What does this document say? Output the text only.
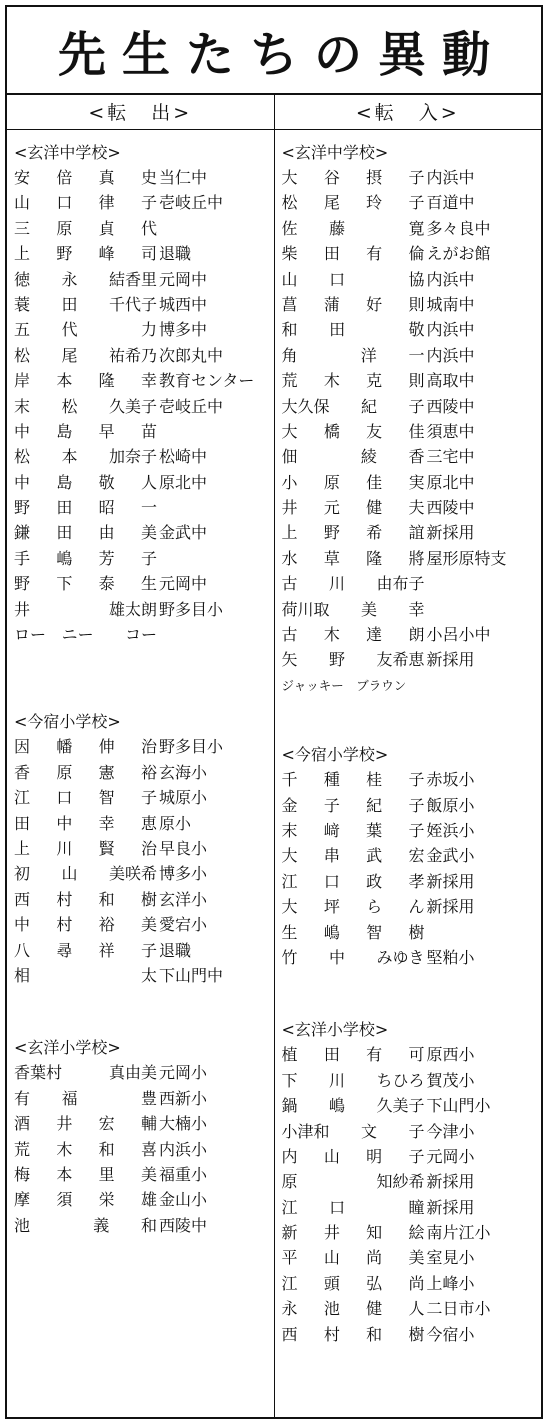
先生たちの異動
<転　出>
<玄洋中学校>
安 倍 真 史 当仁中
山 口 律 子 壱岐丘中
三 原 貞 代
上 野 峰 司 退職
徳 永 結香里 元岡中
蓑 田 千代子 城西中
五 代	力 博多中
松 尾 祐希乃 次郎丸中
岸 本 隆 幸 教育センター
末 松 久美子 壱岐丘中
中 島 早 苗
松 本 加奈子 松崎中
中 島 敬 人 原北中
野 田 昭 一
鎌 田 由 美 金武中
手 嶋 芳 子
野 下 泰 生 元岡中
井	雄太朗 野多目小
ロー ニー コー
<今宿小学校>
因 幡 伸 治 野多目小
香 原 憲 裕 玄海小
江 口 智 子 城原小
田 中 幸 恵 原小
上 川 賢 治 早良小
初 山 美咲希 博多小
西 村 和 樹 玄洋小
中 村 裕 美 愛宕小
八 尋 祥 子 退職
相	太 下山門中
<玄洋小学校>
香葉村	真由美 元岡小
有 福	豊 西新小
酒 井 宏 輔 大楠小
荒 木 和 喜 内浜小
梅 本 里 美 福重小
摩 須 栄 雄 金山小
池	義 和 西陵中
<転　入>
<玄洋中学校>
大 谷 摂 子 内浜中
松 尾 玲 子 百道中
佐 藤	寛 多々良中
柴 田 有 倫 えがお館
山 口	協 内浜中
菖 蒲 好 則 城南中
和 田	敬 内浜中
角	洋 一 内浜中
荒 木 克 則 高取中
大久保 紀 子 西陵中
大 橋 友 佳 須恵中
佃	綾 香 三宅中
小 原 佳 実 原北中
井 元 健 夫 西陵中
上 野 希 誼 新採用
水 草 隆 將 屋形原特支
古 川 由布子
荷川取 美 幸
古 木 達 朗 小呂小中
矢 野 友希恵 新採用
ジャッキー　ブラウン
<今宿小学校>
千 種 桂 子 赤坂小
金 子 紀 子 飯原小
末 﨑 葉 子 姪浜小
大 串 武 宏 金武小
江 口 政 孝 新採用
大 坪 ら ん 新採用
生 嶋 智 樹
竹 中 みゆき 堅粕小
<玄洋小学校>
植 田 有 可 原西小
下 川 ちひろ 賀茂小
鍋 嶋 久美子 下山門小
小津和 文 子 今津小
内 山 明 子 元岡小
原	知紗希 新採用
江 口	瞳 新採用
新 井 知 絵 南片江小
平 山 尚 美 室見小
江 頭 弘 尚 上峰小
永 池 健 人 二日市小
西 村 和 樹 今宿小
